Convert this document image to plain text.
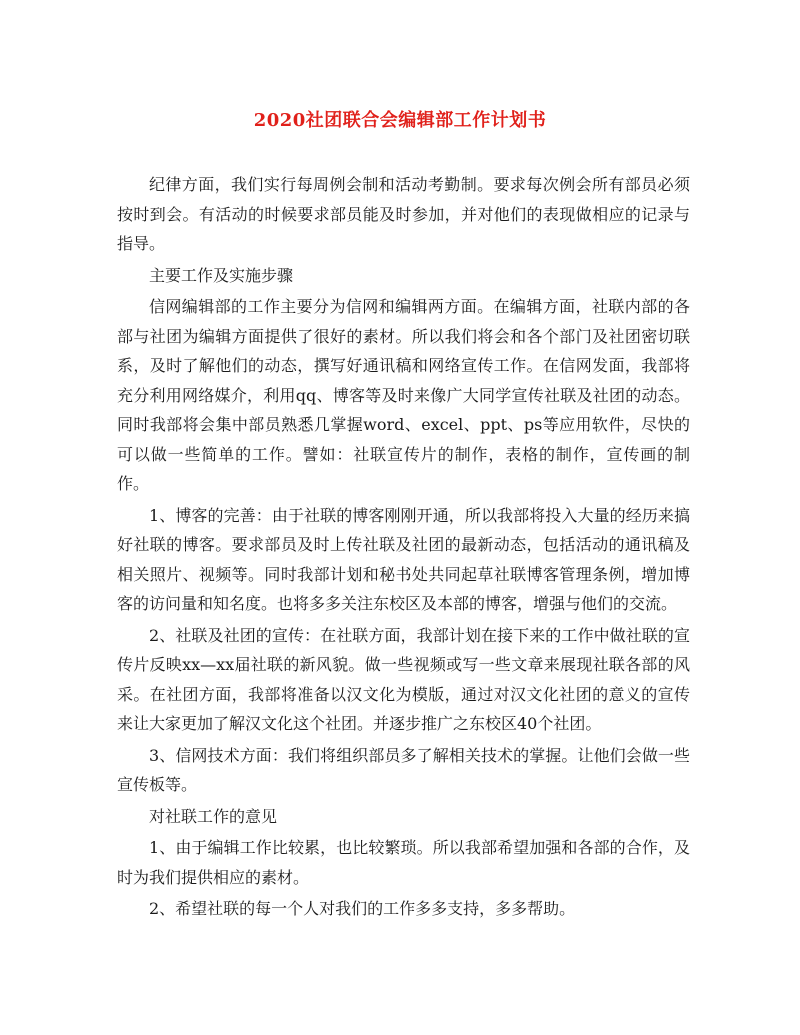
2020社团联合会编辑部工作计划书

纪律方面，我们实行每周例会制和活动考勤制。要求每次例会所有部员必须按时到会。有活动的时候要求部员能及时参加，并对他们的表现做相应的记录与指导。

主要工作及实施步骤

信网编辑部的工作主要分为信网和编辑两方面。在编辑方面，社联内部的各部与社团为编辑方面提供了很好的素材。所以我们将会和各个部门及社团密切联系，及时了解他们的动态，撰写好通讯稿和网络宣传工作。在信网发面，我部将充分利用网络媒介，利用qq、博客等及时来像广大同学宣传社联及社团的动态。同时我部将会集中部员熟悉几掌握word、excel、ppt、ps等应用软件，尽快的可以做一些简单的工作。譬如：社联宣传片的制作，表格的制作，宣传画的制作。

1、博客的完善：由于社联的博客刚刚开通，所以我部将投入大量的经历来搞好社联的博客。要求部员及时上传社联及社团的最新动态，包括活动的通讯稿及相关照片、视频等。同时我部计划和秘书处共同起草社联博客管理条例，增加博客的访问量和知名度。也将多多关注东校区及本部的博客，增强与他们的交流。

2、社联及社团的宣传：在社联方面，我部计划在接下来的工作中做社联的宣传片反映xx—xx届社联的新风貌。做一些视频或写一些文章来展现社联各部的风采。在社团方面，我部将准备以汉文化为模版，通过对汉文化社团的意义的宣传来让大家更加了解汉文化这个社团。并逐步推广之东校区40个社团。

3、信网技术方面：我们将组织部员多了解相关技术的掌握。让他们会做一些宣传板等。

对社联工作的意见

1、由于编辑工作比较累，也比较繁琐。所以我部希望加强和各部的合作，及时为我们提供相应的素材。

2、希望社联的每一个人对我们的工作多多支持，多多帮助。
